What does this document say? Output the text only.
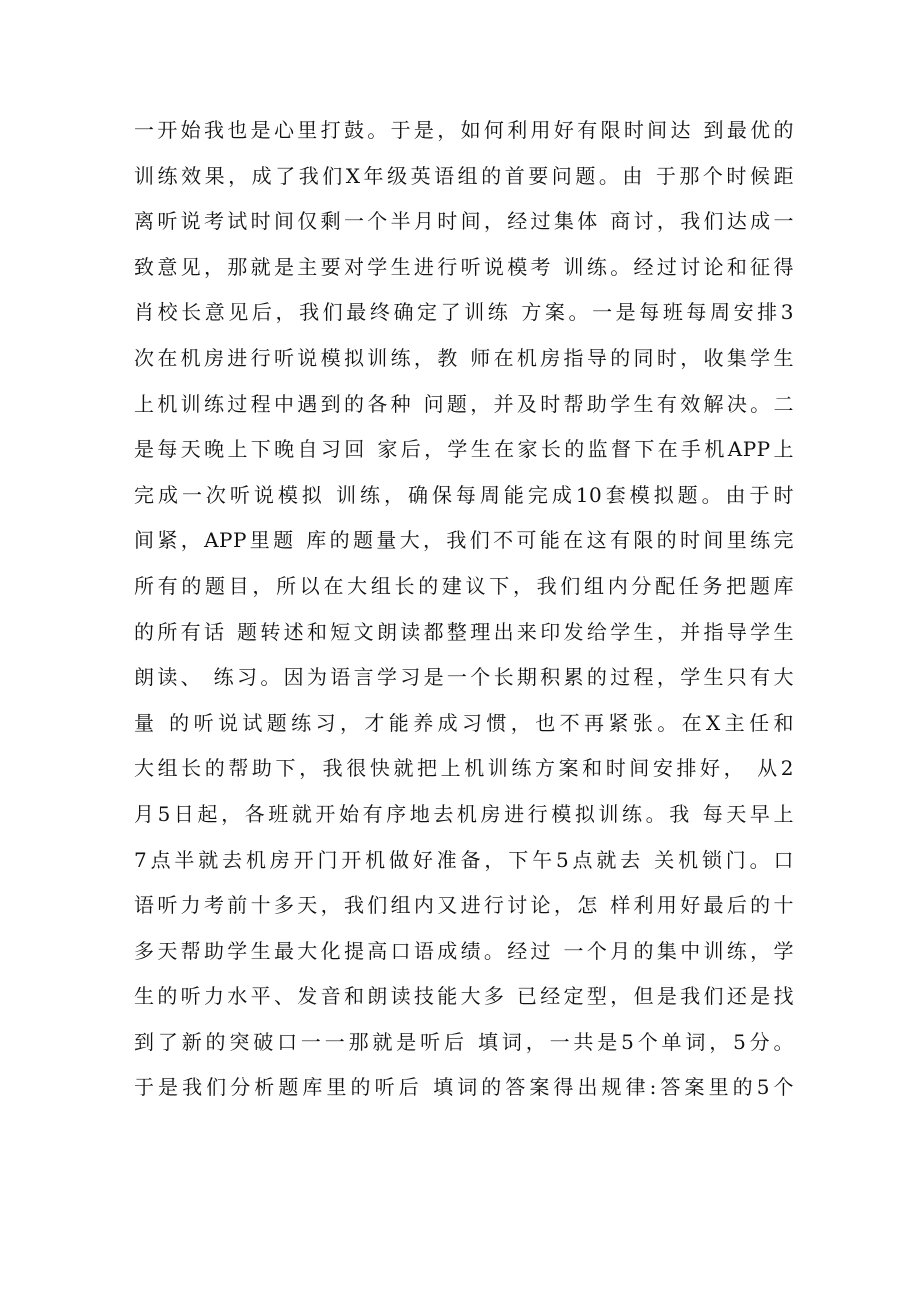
一开始我也是心里打鼓。于是，如何利用好有限时间达 到最优的
训练效果，成了我们X年级英语组的首要问题。由 于那个时候距
离听说考试时间仅剩一个半月时间，经过集体 商讨，我们达成一
致意见，那就是主要对学生进行听说模考 训练。经过讨论和征得
肖校长意见后，我们最终确定了训练 方案。一是每班每周安排3
次在机房进行听说模拟训练，教 师在机房指导的同时，收集学生
上机训练过程中遇到的各种 问题，并及时帮助学生有效解决。二
是每天晚上下晚自习回 家后，学生在家长的监督下在手机APP上
完成一次听说模拟 训练，确保每周能完成10套模拟题。由于时
间紧，APP里题 库的题量大，我们不可能在这有限的时间里练完
所有的题目，所以在大组长的建议下，我们组内分配任务把题库
的所有话 题转述和短文朗读都整理出来印发给学生，并指导学生
朗读、 练习。因为语言学习是一个长期积累的过程，学生只有大
量 的听说试题练习，才能养成习惯，也不再紧张。在X主任和
大组长的帮助下，我很快就把上机训练方案和时间安排好， 从2
月5日起，各班就开始有序地去机房进行模拟训练。我 每天早上
7点半就去机房开门开机做好准备，下午5点就去 关机锁门。口
语听力考前十多天，我们组内又进行讨论，怎 样利用好最后的十
多天帮助学生最大化提高口语成绩。经过 一个月的集中训练，学
生的听力水平、发音和朗读技能大多 已经定型，但是我们还是找
到了新的突破口一一那就是听后 填词，一共是5个单词，5分。
于是我们分析题库里的听后 填词的答案得出规律:答案里的5个
